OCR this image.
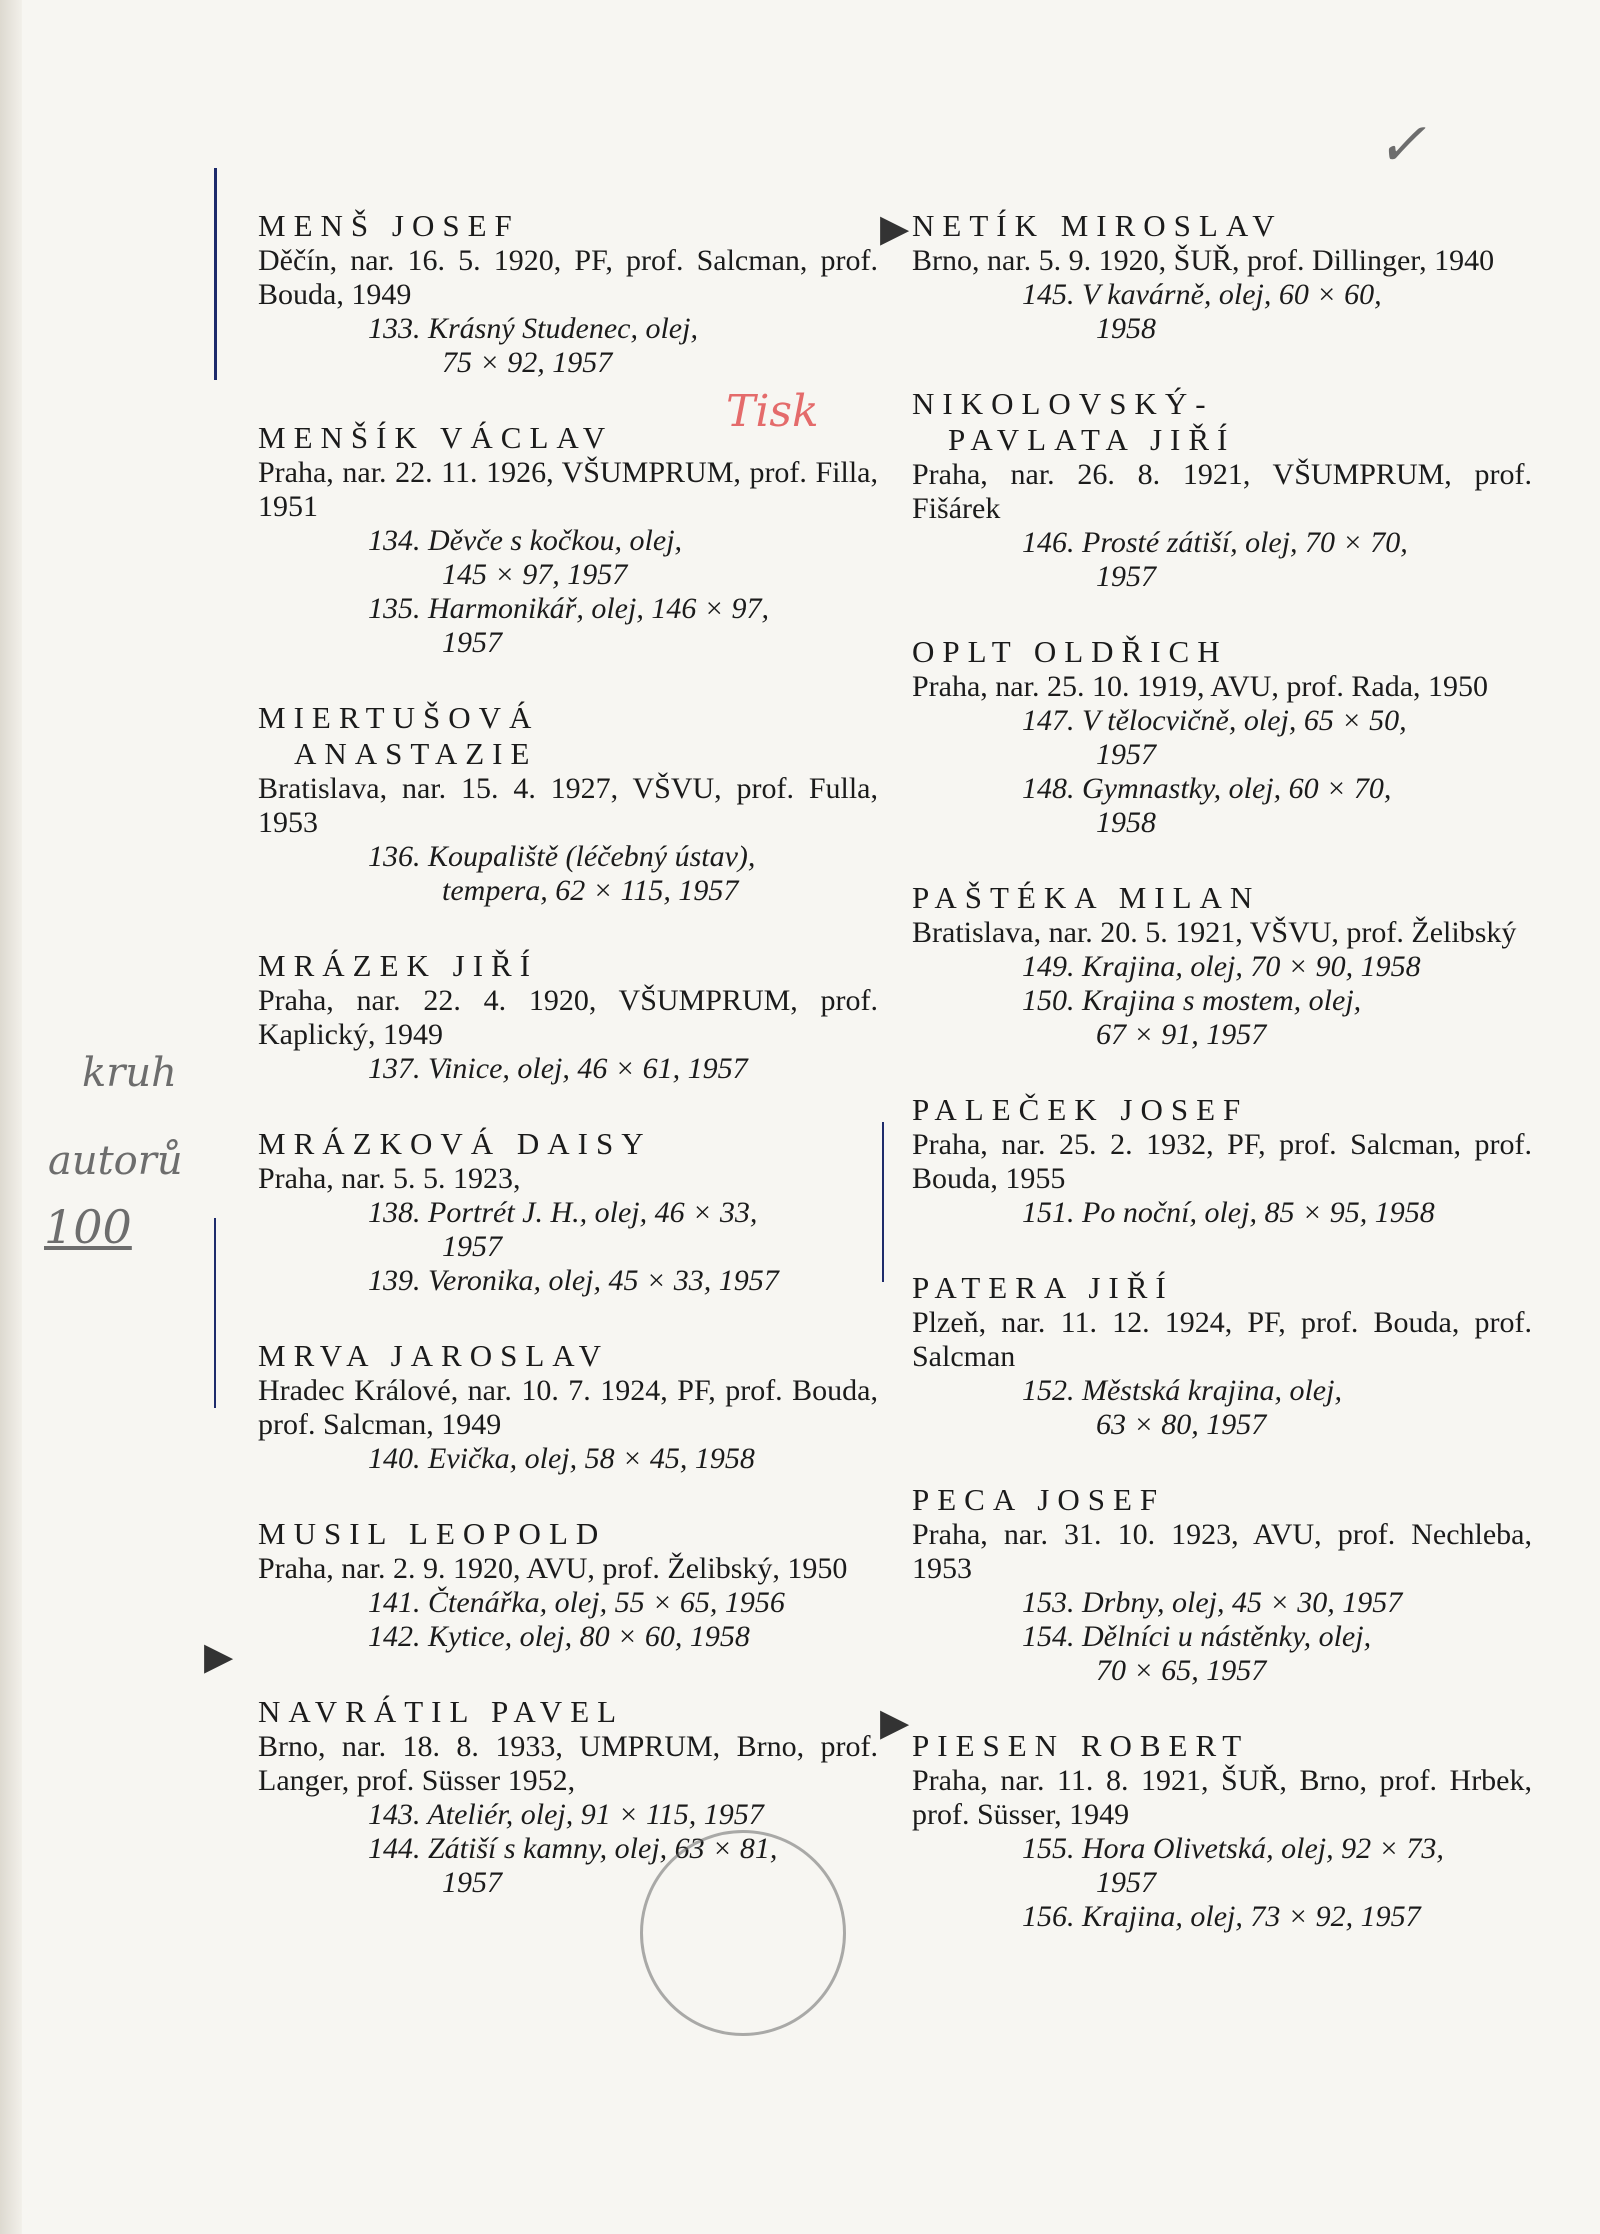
MENŠ JOSEF

Děčín, nar. 16. 5. 1920, PF, prof. Salcman, prof. Bouda, 1949

133. Krásný Studenec, olej,
75 × 92, 1957

MENŠÍK VÁCLAV

Praha, nar. 22. 11. 1926, VŠUMPRUM, prof. Filla, 1951

134. Děvče s kočkou, olej,
145 × 97, 1957

135. Harmonikář, olej, 146 × 97,
1957

MIERTUŠOVÁ
ANASTAZIE

Bratislava, nar. 15. 4. 1927, VŠVU, prof. Fulla, 1953

136. Koupaliště (léčebný ústav),
tempera, 62 × 115, 1957

MRÁZEK JIŘÍ

Praha, nar. 22. 4. 1920, VŠUMPRUM, prof. Kaplický, 1949

137. Vinice, olej, 46 × 61, 1957

MRÁZKOVÁ DAISY

Praha, nar. 5. 5. 1923,

138. Portrét J. H., olej, 46 × 33,
1957

139. Veronika, olej, 45 × 33, 1957

MRVA JAROSLAV

Hradec Králové, nar. 10. 7. 1924, PF, prof. Bouda, prof. Salcman, 1949

140. Evička, olej, 58 × 45, 1958

MUSIL LEOPOLD

Praha, nar. 2. 9. 1920, AVU, prof. Želibský, 1950

141. Čtenářka, olej, 55 × 65, 1956

142. Kytice, olej, 80 × 60, 1958

NAVRÁTIL PAVEL

Brno, nar. 18. 8. 1933, UMPRUM, Brno, prof. Langer, prof. Süsser 1952,

143. Ateliér, olej, 91 × 115, 1957

144. Zátiší s kamny, olej, 63 × 81,
1957

NETÍK MIROSLAV

Brno, nar. 5. 9. 1920, ŠUŘ, prof. Dillinger, 1940

145. V kavárně, olej, 60 × 60,
1958

NIKOLOVSKÝ-
PAVLATA JIŘÍ

Praha, nar. 26. 8. 1921, VŠUMPRUM, prof. Fišárek

146. Prosté zátiší, olej, 70 × 70,
1957

OPLT OLDŘICH

Praha, nar. 25. 10. 1919, AVU, prof. Rada, 1950

147. V tělocvičně, olej, 65 × 50,
1957

148. Gymnastky, olej, 60 × 70,
1958

PAŠTÉKA MILAN

Bratislava, nar. 20. 5. 1921, VŠVU, prof. Želibský

149. Krajina, olej, 70 × 90, 1958

150. Krajina s mostem, olej,
67 × 91, 1957

PALEČEK JOSEF

Praha, nar. 25. 2. 1932, PF, prof. Salcman, prof. Bouda, 1955

151. Po noční, olej, 85 × 95, 1958

PATERA JIŘÍ

Plzeň, nar. 11. 12. 1924, PF, prof. Bouda, prof. Salcman

152. Městská krajina, olej,
63 × 80, 1957

PECA JOSEF

Praha, nar. 31. 10. 1923, AVU, prof. Nechleba, 1953

153. Drbny, olej, 45 × 30, 1957

154. Dělníci u nástěnky, olej,
70 × 65, 1957

PIESEN ROBERT

Praha, nar. 11. 8. 1921, ŠUŘ, Brno, prof. Hrbek, prof. Süsser, 1949

155. Hora Olivetská, olej, 92 × 73,
1957

156. Krajina, olej, 73 × 92, 1957

▶
▶
▶
Tisk
kruh
autorů
100
✓
